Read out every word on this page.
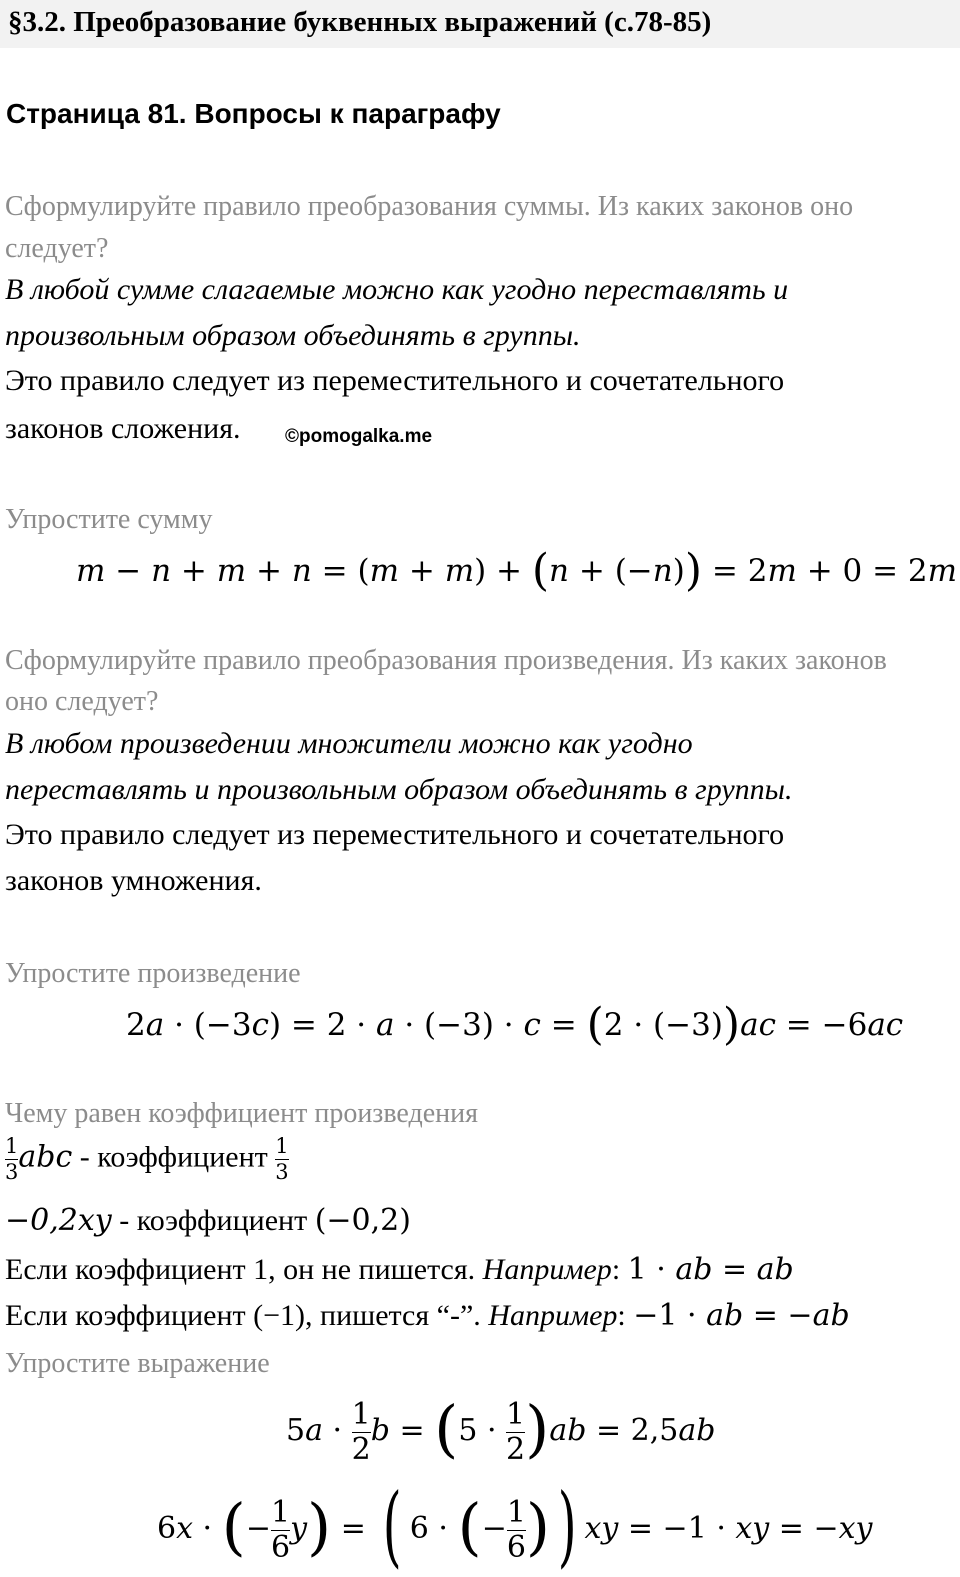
§3.2. Преобразование буквенных выражений (с.78-85)
Страница 81. Вопросы к параграфу
Сформулируйте правило преобразования суммы. Из каких законов оно
следует?
В любой сумме слагаемые можно как угодно переставлять и
произвольным образом объединять в группы.
Это правило следует из переместительного и сочетательного
законов сложения. ©pomogalka.me
Упростите сумму
m − n + m + n = (m + m) + (n + (−n)) = 2m + 0 = 2m
Сформулируйте правило преобразования произведения. Из каких законов
оно следует?
В любом произведении множители можно как угодно
переставлять и произвольным образом объединять в группы.
Это правило следует из переместительного и сочетательного
законов умножения.
Упростите произведение
2a · (−3c) = 2 · a · (−3) · c = (2 · (−3))ac = −6ac
Чему равен коэффициент произведения
$\frac{1}{3}$ abc - коэффициент $\frac{1}{3}$
−0,2xy - коэффициент (−0,2)
Если коэффициент 1, он не пишется. Например: 1 · ab = ab
Если коэффициент (−1), пишется “-”. Например: −1 · ab = −ab
Упростите выражение
$5a \cdot \frac{1}{2}$ $b = (5 \cdot \frac{1}{2} )ab = 2,5ab$
6x · (− $\frac{1}{6} y$) = ( 6 · (− $\frac{1}{6}$ )) xy = −1 · xy = −xy
